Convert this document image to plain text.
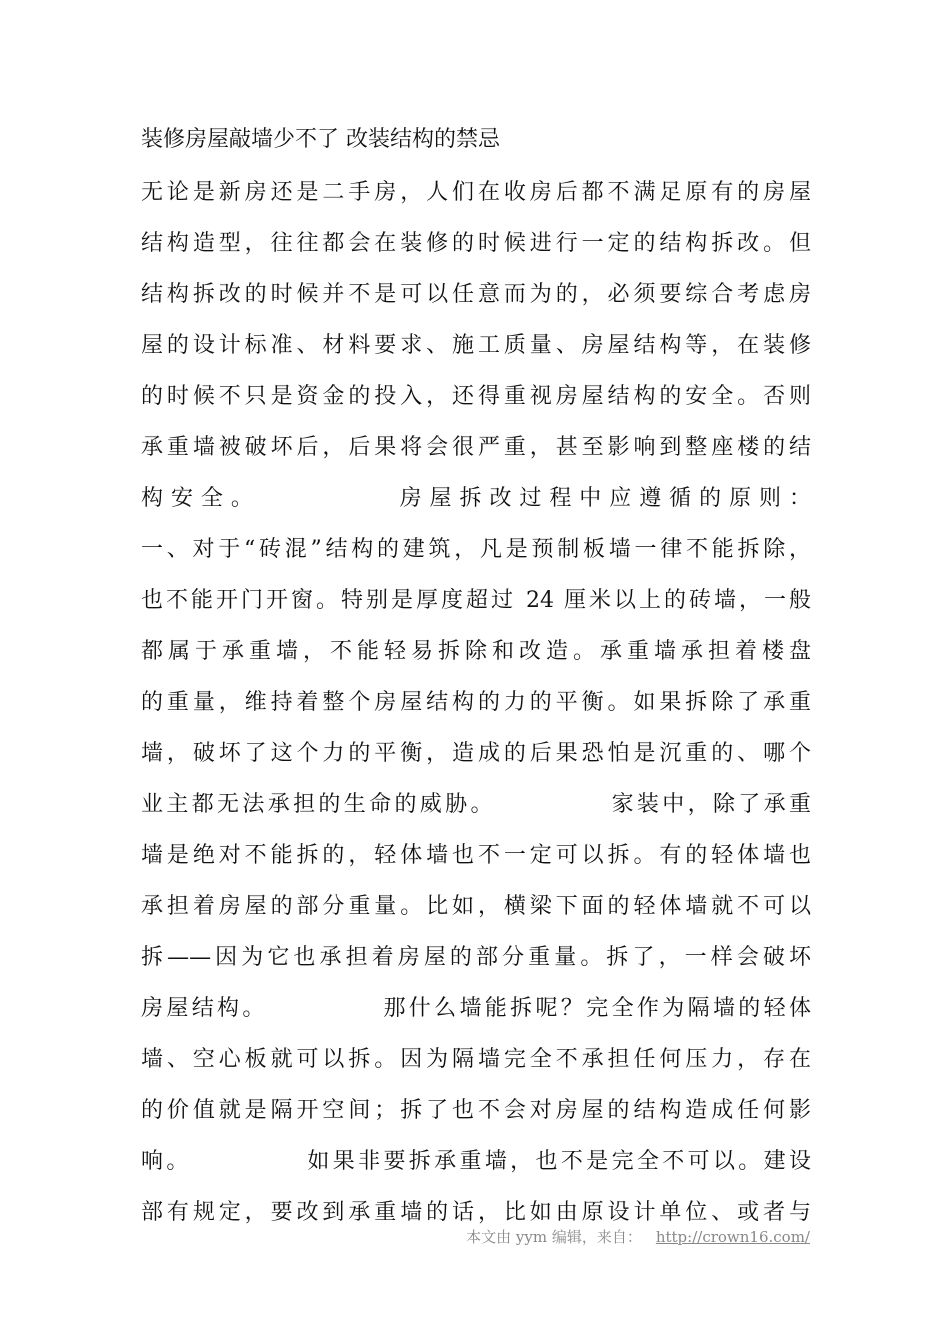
装修房屋敲墙少不了 改装结构的禁忌
无论是新房还是二手房，人们在收房后都不满足原有的房屋
结构造型，往往都会在装修的时候进行一定的结构拆改。但
结构拆改的时候并不是可以任意而为的，必须要综合考虑房
屋的设计标准、材料要求、施工质量、房屋结构等，在装修
的时候不只是资金的投入，还得重视房屋结构的安全。否则
承重墙被破坏后，后果将会很严重，甚至影响到整座楼的结
构安全。　　　　　房屋拆改过程中应遵循的原则：
一、对于“砖混”结构的建筑，凡是预制板墙一律不能拆除，
也不能开门开窗。特别是厚度超过 24 厘米以上的砖墙，一般
都属于承重墙，不能轻易拆除和改造。承重墙承担着楼盘
的重量，维持着整个房屋结构的力的平衡。如果拆除了承重
墙，破坏了这个力的平衡，造成的后果恐怕是沉重的、哪个
业主都无法承担的生命的威胁。　　　　　家装中，除了承重
墙是绝对不能拆的，轻体墙也不一定可以拆。有的轻体墙也
承担着房屋的部分重量。比如，横梁下面的轻体墙就不可以
拆——因为它也承担着房屋的部分重量。拆了，一样会破坏
房屋结构。　　　　　那什么墙能拆呢？完全作为隔墙的轻体
墙、空心板就可以拆。因为隔墙完全不承担任何压力，存在
的价值就是隔开空间；拆了也不会对房屋的结构造成任何影
响。　　　　　如果非要拆承重墙，也不是完全不可以。建设
部有规定，要改到承重墙的话，比如由原设计单位、或者与
本文由 yym 编辑，来自： http://crown16.com/
